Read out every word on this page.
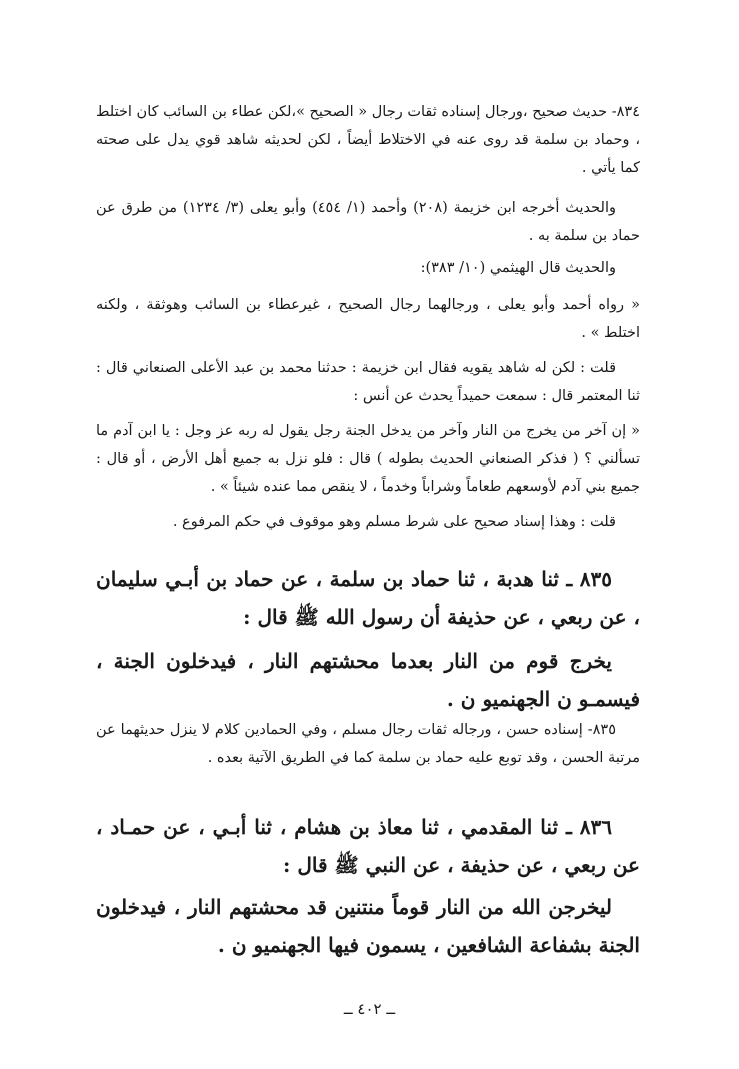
٨٣٤- حديث صحيح ،ورجال إسناده ثقات رجال « الصحيح »،لكن عطاء بن السائب كان اختلط ، وحماد بن سلمة قد روى عنه في الاختلاط أيضاً ، لكن لحديثه شاهد قوي يدل على صحته كما يأتي .

والحديث أخرجه ابن خزيمة (٢٠٨) وأحمد (١/ ٤٥٤) وأبو يعلى (٣/ ١٢٣٤) من طرق عن حماد بن سلمة به .

والحديث قال الهيثمي (١٠/ ٣٨٣):

« رواه أحمد وأبو يعلى ، ورجالهما رجال الصحيح ، غيرعطاء بن السائب وهوثقة ، ولكنه اختلط » .

قلت : لكن له شاهد يقويه فقال ابن خزيمة : حدثنا محمد بن عبد الأعلى الصنعاني قال : ثنا المعتمر قال : سمعت حميداً يحدث عن أنس :

« إن آخر من يخرج من النار وآخر من يدخل الجنة رجل يقول له ربه عز وجل : يا ابن آدم ما تسألني ؟ ( فذكر الصنعاني الحديث بطوله ) قال : فلو نزل به جميع أهل الأرض ، أو قال : جميع بني آدم لأوسعهم طعاماً وشراباً وخدماً ، لا ينقص مما عنده شيئاً » .

قلت : وهذا إسناد صحيح على شرط مسلم وهو موقوف في حكم المرفوع .

٨٣٥ ـ ثنا هدبة ، ثنا حماد بن سلمة ، عن حماد بن أبـي سليمان ، عن ربعي ، عن حذيفة أن رسول الله ﷺ قال :

يخرج قوم من النار بعدما محشتهم النار ، فيدخلون الجنة ، فيسمـو ن الجهنميو ن .

٨٣٥- إسناده حسن ، ورجاله ثقات رجال مسلم ، وفي الحمادين كلام لا ينزل حديثهما عن مرتبة الحسن ، وقد توبع عليه حماد بن سلمة كما في الطريق الآتية بعده .

٨٣٦ ـ ثنا المقدمي ، ثنا معاذ بن هشام ، ثنا أبـي ، عن حمـاد ، عن ربعي ، عن حذيفة ، عن النبي ﷺ قال :

ليخرجن الله من النار قوماً منتنين قد محشتهم النار ، فيدخلون الجنة بشفاعة الشافعين ، يسمون فيها الجهنميو ن .

ــ ٤٠٢ ــ
